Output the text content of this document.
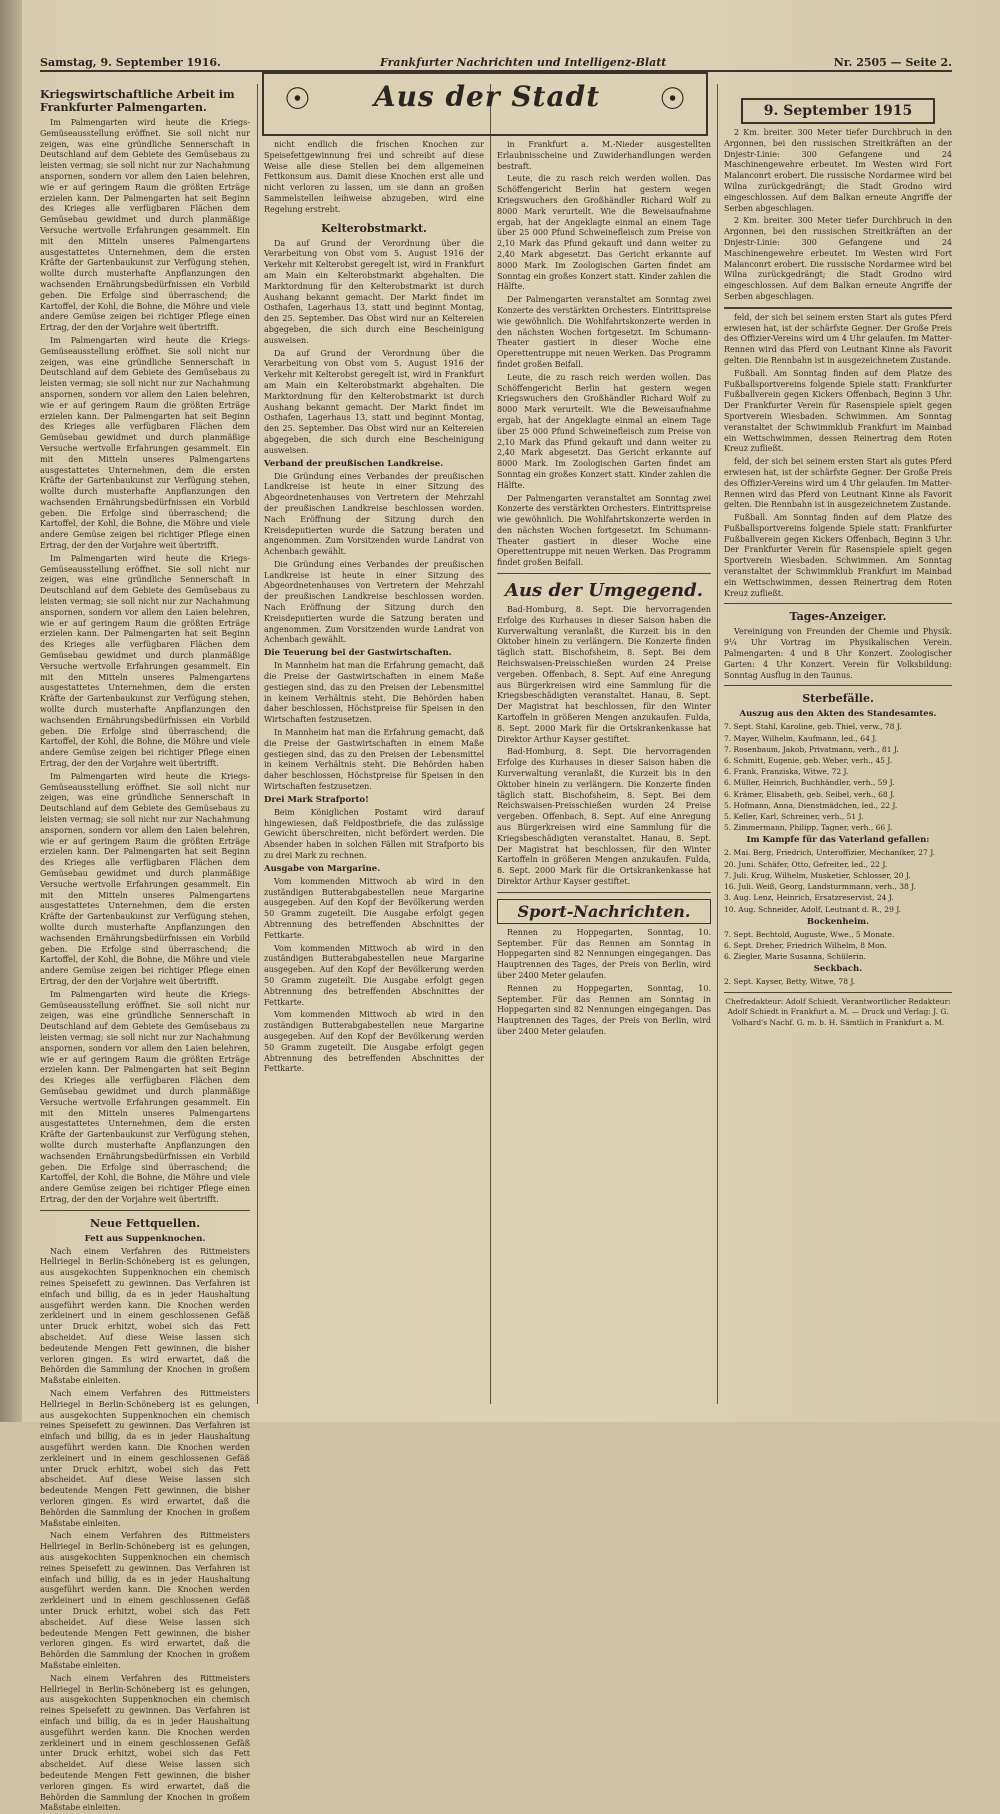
Samstag, 9. September 1916.	Frankfurter Nachrichten und Intelligenz-Blatt	Nr. 2505 — Seite 2.
☉	Aus der Stadt	☉
Kriegswirtschaftliche Arbeit im Frankfurter Palmengarten.

Im Palmengarten wird heute die Kriegs-Gemüseausstellung eröffnet. Sie soll nicht nur zeigen, was eine gründliche Sennerschaft in Deutschland auf dem Gebiete des Gemüsebaus zu leisten vermag; sie soll nicht nur zur Nachahmung anspornen, sondern vor allem den Laien belehren, wie er auf geringem Raum die größten Erträge erzielen kann. Der Palmengarten hat seit Beginn des Krieges alle verfügbaren Flächen dem Gemüsebau gewidmet und durch planmäßige Versuche wertvolle Erfahrungen gesammelt. Ein mit den Mitteln unseres Palmengartens ausgestattetes Unternehmen, dem die ersten Kräfte der Gartenbaukunst zur Verfügung stehen, wollte durch musterhafte Anpflanzungen den wachsenden Ernährungsbedürfnissen ein Vorbild geben. Die Erfolge sind überraschend; die Kartoffel, der Kohl, die Bohne, die Möhre und viele andere Gemüse zeigen bei richtiger Pflege einen Ertrag, der den der Vorjahre weit übertrifft.

Im Palmengarten wird heute die Kriegs-Gemüseausstellung eröffnet. Sie soll nicht nur zeigen, was eine gründliche Sennerschaft in Deutschland auf dem Gebiete des Gemüsebaus zu leisten vermag; sie soll nicht nur zur Nachahmung anspornen, sondern vor allem den Laien belehren, wie er auf geringem Raum die größten Erträge erzielen kann. Der Palmengarten hat seit Beginn des Krieges alle verfügbaren Flächen dem Gemüsebau gewidmet und durch planmäßige Versuche wertvolle Erfahrungen gesammelt. Ein mit den Mitteln unseres Palmengartens ausgestattetes Unternehmen, dem die ersten Kräfte der Gartenbaukunst zur Verfügung stehen, wollte durch musterhafte Anpflanzungen den wachsenden Ernährungsbedürfnissen ein Vorbild geben. Die Erfolge sind überraschend; die Kartoffel, der Kohl, die Bohne, die Möhre und viele andere Gemüse zeigen bei richtiger Pflege einen Ertrag, der den der Vorjahre weit übertrifft.

Im Palmengarten wird heute die Kriegs-Gemüseausstellung eröffnet. Sie soll nicht nur zeigen, was eine gründliche Sennerschaft in Deutschland auf dem Gebiete des Gemüsebaus zu leisten vermag; sie soll nicht nur zur Nachahmung anspornen, sondern vor allem den Laien belehren, wie er auf geringem Raum die größten Erträge erzielen kann. Der Palmengarten hat seit Beginn des Krieges alle verfügbaren Flächen dem Gemüsebau gewidmet und durch planmäßige Versuche wertvolle Erfahrungen gesammelt. Ein mit den Mitteln unseres Palmengartens ausgestattetes Unternehmen, dem die ersten Kräfte der Gartenbaukunst zur Verfügung stehen, wollte durch musterhafte Anpflanzungen den wachsenden Ernährungsbedürfnissen ein Vorbild geben. Die Erfolge sind überraschend; die Kartoffel, der Kohl, die Bohne, die Möhre und viele andere Gemüse zeigen bei richtiger Pflege einen Ertrag, der den der Vorjahre weit übertrifft.

Im Palmengarten wird heute die Kriegs-Gemüseausstellung eröffnet. Sie soll nicht nur zeigen, was eine gründliche Sennerschaft in Deutschland auf dem Gebiete des Gemüsebaus zu leisten vermag; sie soll nicht nur zur Nachahmung anspornen, sondern vor allem den Laien belehren, wie er auf geringem Raum die größten Erträge erzielen kann. Der Palmengarten hat seit Beginn des Krieges alle verfügbaren Flächen dem Gemüsebau gewidmet und durch planmäßige Versuche wertvolle Erfahrungen gesammelt. Ein mit den Mitteln unseres Palmengartens ausgestattetes Unternehmen, dem die ersten Kräfte der Gartenbaukunst zur Verfügung stehen, wollte durch musterhafte Anpflanzungen den wachsenden Ernährungsbedürfnissen ein Vorbild geben. Die Erfolge sind überraschend; die Kartoffel, der Kohl, die Bohne, die Möhre und viele andere Gemüse zeigen bei richtiger Pflege einen Ertrag, der den der Vorjahre weit übertrifft.

Im Palmengarten wird heute die Kriegs-Gemüseausstellung eröffnet. Sie soll nicht nur zeigen, was eine gründliche Sennerschaft in Deutschland auf dem Gebiete des Gemüsebaus zu leisten vermag; sie soll nicht nur zur Nachahmung anspornen, sondern vor allem den Laien belehren, wie er auf geringem Raum die größten Erträge erzielen kann. Der Palmengarten hat seit Beginn des Krieges alle verfügbaren Flächen dem Gemüsebau gewidmet und durch planmäßige Versuche wertvolle Erfahrungen gesammelt. Ein mit den Mitteln unseres Palmengartens ausgestattetes Unternehmen, dem die ersten Kräfte der Gartenbaukunst zur Verfügung stehen, wollte durch musterhafte Anpflanzungen den wachsenden Ernährungsbedürfnissen ein Vorbild geben. Die Erfolge sind überraschend; die Kartoffel, der Kohl, die Bohne, die Möhre und viele andere Gemüse zeigen bei richtiger Pflege einen Ertrag, der den der Vorjahre weit übertrifft.

Neue Fettquellen.
Fett aus Suppenknochen.

Nach einem Verfahren des Rittmeisters Hellriegel in Berlin-Schöneberg ist es gelungen, aus ausgekochten Suppenknochen ein chemisch reines Speisefett zu gewinnen. Das Verfahren ist einfach und billig, da es in jeder Haushaltung ausgeführt werden kann. Die Knochen werden zerkleinert und in einem geschlossenen Gefäß unter Druck erhitzt, wobei sich das Fett abscheidet. Auf diese Weise lassen sich bedeutende Mengen Fett gewinnen, die bisher verloren gingen. Es wird erwartet, daß die Behörden die Sammlung der Knochen in großem Maßstabe einleiten.

Nach einem Verfahren des Rittmeisters Hellriegel in Berlin-Schöneberg ist es gelungen, aus ausgekochten Suppenknochen ein chemisch reines Speisefett zu gewinnen. Das Verfahren ist einfach und billig, da es in jeder Haushaltung ausgeführt werden kann. Die Knochen werden zerkleinert und in einem geschlossenen Gefäß unter Druck erhitzt, wobei sich das Fett abscheidet. Auf diese Weise lassen sich bedeutende Mengen Fett gewinnen, die bisher verloren gingen. Es wird erwartet, daß die Behörden die Sammlung der Knochen in großem Maßstabe einleiten.

Nach einem Verfahren des Rittmeisters Hellriegel in Berlin-Schöneberg ist es gelungen, aus ausgekochten Suppenknochen ein chemisch reines Speisefett zu gewinnen. Das Verfahren ist einfach und billig, da es in jeder Haushaltung ausgeführt werden kann. Die Knochen werden zerkleinert und in einem geschlossenen Gefäß unter Druck erhitzt, wobei sich das Fett abscheidet. Auf diese Weise lassen sich bedeutende Mengen Fett gewinnen, die bisher verloren gingen. Es wird erwartet, daß die Behörden die Sammlung der Knochen in großem Maßstabe einleiten.

Nach einem Verfahren des Rittmeisters Hellriegel in Berlin-Schöneberg ist es gelungen, aus ausgekochten Suppenknochen ein chemisch reines Speisefett zu gewinnen. Das Verfahren ist einfach und billig, da es in jeder Haushaltung ausgeführt werden kann. Die Knochen werden zerkleinert und in einem geschlossenen Gefäß unter Druck erhitzt, wobei sich das Fett abscheidet. Auf diese Weise lassen sich bedeutende Mengen Fett gewinnen, die bisher verloren gingen. Es wird erwartet, daß die Behörden die Sammlung der Knochen in großem Maßstabe einleiten.

nicht endlich die frischen Knochen zur Speisefettgewinnung frei und schreibt auf diese Weise alle diese Stellen bei dem allgemeinen Fettkonsum aus. Damit diese Knochen erst alle und nicht verloren zu lassen, um sie dann an großen Sammelstellen leihweise abzugeben, wird eine Regelung erstrebt.

Kelterobstmarkt.

Da auf Grund der Verordnung über die Verarbeitung von Obst vom 5. August 1916 der Verkehr mit Kelterobst geregelt ist, wird in Frankfurt am Main ein Kelterobstmarkt abgehalten. Die Marktordnung für den Kelterobstmarkt ist durch Aushang bekannt gemacht. Der Markt findet im Osthafen, Lagerhaus 13, statt und beginnt Montag, den 25. September. Das Obst wird nur an Keltereien abgegeben, die sich durch eine Bescheinigung ausweisen.

Da auf Grund der Verordnung über die Verarbeitung von Obst vom 5. August 1916 der Verkehr mit Kelterobst geregelt ist, wird in Frankfurt am Main ein Kelterobstmarkt abgehalten. Die Marktordnung für den Kelterobstmarkt ist durch Aushang bekannt gemacht. Der Markt findet im Osthafen, Lagerhaus 13, statt und beginnt Montag, den 25. September. Das Obst wird nur an Keltereien abgegeben, die sich durch eine Bescheinigung ausweisen.

Verband der preußischen Landkreise.

Die Gründung eines Verbandes der preußischen Landkreise ist heute in einer Sitzung des Abgeordnetenhauses von Vertretern der Mehrzahl der preußischen Landkreise beschlossen worden. Nach Eröffnung der Sitzung durch den Kreisdeputierten wurde die Satzung beraten und angenommen. Zum Vorsitzenden wurde Landrat von Achenbach gewählt.

Die Gründung eines Verbandes der preußischen Landkreise ist heute in einer Sitzung des Abgeordnetenhauses von Vertretern der Mehrzahl der preußischen Landkreise beschlossen worden. Nach Eröffnung der Sitzung durch den Kreisdeputierten wurde die Satzung beraten und angenommen. Zum Vorsitzenden wurde Landrat von Achenbach gewählt.

Die Teuerung bei der Gastwirtschaften.

In Mannheim hat man die Erfahrung gemacht, daß die Preise der Gastwirtschaften in einem Maße gestiegen sind, das zu den Preisen der Lebensmittel in keinem Verhältnis steht. Die Behörden haben daher beschlossen, Höchstpreise für Speisen in den Wirtschaften festzusetzen.

In Mannheim hat man die Erfahrung gemacht, daß die Preise der Gastwirtschaften in einem Maße gestiegen sind, das zu den Preisen der Lebensmittel in keinem Verhältnis steht. Die Behörden haben daher beschlossen, Höchstpreise für Speisen in den Wirtschaften festzusetzen.

Drei Mark Strafporto!

Beim Königlichen Postamt wird darauf hingewiesen, daß Feldpostbriefe, die das zulässige Gewicht überschreiten, nicht befördert werden. Die Absender haben in solchen Fällen mit Strafporto bis zu drei Mark zu rechnen.

Ausgabe von Margarine.

Vom kommenden Mittwoch ab wird in den zuständigen Butterabgabestellen neue Margarine ausgegeben. Auf den Kopf der Bevölkerung werden 50 Gramm zugeteilt. Die Ausgabe erfolgt gegen Abtrennung des betreffenden Abschnittes der Fettkarte.

Vom kommenden Mittwoch ab wird in den zuständigen Butterabgabestellen neue Margarine ausgegeben. Auf den Kopf der Bevölkerung werden 50 Gramm zugeteilt. Die Ausgabe erfolgt gegen Abtrennung des betreffenden Abschnittes der Fettkarte.

Vom kommenden Mittwoch ab wird in den zuständigen Butterabgabestellen neue Margarine ausgegeben. Auf den Kopf der Bevölkerung werden 50 Gramm zugeteilt. Die Ausgabe erfolgt gegen Abtrennung des betreffenden Abschnittes der Fettkarte.

in Frankfurt a. M.-Nieder ausgestellten Erlaubnisscheine und Zuwiderhandlungen werden bestraft.

Leute, die zu rasch reich werden wollen. Das Schöffengericht Berlin hat gestern wegen Kriegswuchers den Großhändler Richard Wolf zu 8000 Mark verurteilt. Wie die Beweisaufnahme ergab, hat der Angeklagte einmal an einem Tage über 25 000 Pfund Schweinefleisch zum Preise von 2,10 Mark das Pfund gekauft und dann weiter zu 2,40 Mark abgesetzt. Das Gericht erkannte auf 8000 Mark. Im Zoologischen Garten findet am Sonntag ein großes Konzert statt. Kinder zahlen die Hälfte.

Der Palmengarten veranstaltet am Sonntag zwei Konzerte des verstärkten Orchesters. Eintrittspreise wie gewöhnlich. Die Wohlfahrtskonzerte werden in den nächsten Wochen fortgesetzt. Im Schumann-Theater gastiert in dieser Woche eine Operettentruppe mit neuen Werken. Das Programm findet großen Beifall.

Leute, die zu rasch reich werden wollen. Das Schöffengericht Berlin hat gestern wegen Kriegswuchers den Großhändler Richard Wolf zu 8000 Mark verurteilt. Wie die Beweisaufnahme ergab, hat der Angeklagte einmal an einem Tage über 25 000 Pfund Schweinefleisch zum Preise von 2,10 Mark das Pfund gekauft und dann weiter zu 2,40 Mark abgesetzt. Das Gericht erkannte auf 8000 Mark. Im Zoologischen Garten findet am Sonntag ein großes Konzert statt. Kinder zahlen die Hälfte.

Der Palmengarten veranstaltet am Sonntag zwei Konzerte des verstärkten Orchesters. Eintrittspreise wie gewöhnlich. Die Wohlfahrtskonzerte werden in den nächsten Wochen fortgesetzt. Im Schumann-Theater gastiert in dieser Woche eine Operettentruppe mit neuen Werken. Das Programm findet großen Beifall.

Aus der Umgegend.

Bad-Homburg, 8. Sept. Die hervorragenden Erfolge des Kurhauses in dieser Saison haben die Kurverwaltung veranlaßt, die Kurzeit bis in den Oktober hinein zu verlängern. Die Konzerte finden täglich statt. Bischofsheim, 8. Sept. Bei dem Reichswaisen-Preisschießen wurden 24 Preise vergeben. Offenbach, 8. Sept. Auf eine Anregung aus Bürgerkreisen wird eine Sammlung für die Kriegsbeschädigten veranstaltet. Hanau, 8. Sept. Der Magistrat hat beschlossen, für den Winter Kartoffeln in größeren Mengen anzukaufen. Fulda, 8. Sept. 2000 Mark für die Ortskrankenkasse hat Direktor Arthur Kayser gestiftet.

Bad-Homburg, 8. Sept. Die hervorragenden Erfolge des Kurhauses in dieser Saison haben die Kurverwaltung veranlaßt, die Kurzeit bis in den Oktober hinein zu verlängern. Die Konzerte finden täglich statt. Bischofsheim, 8. Sept. Bei dem Reichswaisen-Preisschießen wurden 24 Preise vergeben. Offenbach, 8. Sept. Auf eine Anregung aus Bürgerkreisen wird eine Sammlung für die Kriegsbeschädigten veranstaltet. Hanau, 8. Sept. Der Magistrat hat beschlossen, für den Winter Kartoffeln in größeren Mengen anzukaufen. Fulda, 8. Sept. 2000 Mark für die Ortskrankenkasse hat Direktor Arthur Kayser gestiftet.

Sport-Nachrichten.

Rennen zu Hoppegarten, Sonntag, 10. September. Für das Rennen am Sonntag in Hoppegarten sind 82 Nennungen eingegangen. Das Hauptrennen des Tages, der Preis von Berlin, wird über 2400 Meter gelaufen.

Rennen zu Hoppegarten, Sonntag, 10. September. Für das Rennen am Sonntag in Hoppegarten sind 82 Nennungen eingegangen. Das Hauptrennen des Tages, der Preis von Berlin, wird über 2400 Meter gelaufen.

9. September 1915

2 Km. breiter. 300 Meter tiefer Durchbruch in den Argonnen, bei den russischen Streitkräften an der Dnjestr-Linie: 300 Gefangene und 24 Maschinengewehre erbeutet. Im Westen wird Fort Malanconrt erobert. Die russische Nordarmee wird bei Wilna zurückgedrängt; die Stadt Grodno wird eingeschlossen. Auf dem Balkan erneute Angriffe der Serben abgeschlagen.

2 Km. breiter. 300 Meter tiefer Durchbruch in den Argonnen, bei den russischen Streitkräften an der Dnjestr-Linie: 300 Gefangene und 24 Maschinengewehre erbeutet. Im Westen wird Fort Malanconrt erobert. Die russische Nordarmee wird bei Wilna zurückgedrängt; die Stadt Grodno wird eingeschlossen. Auf dem Balkan erneute Angriffe der Serben abgeschlagen.

feld, der sich bei seinem ersten Start als gutes Pferd erwiesen hat, ist der schärfste Gegner. Der Große Preis des Offizier-Vereins wird um 4 Uhr gelaufen. Im Matter-Rennen wird das Pferd von Leutnant Kinne als Favorit gelten. Die Rennbahn ist in ausgezeichnetem Zustande.

Fußball. Am Sonntag finden auf dem Platze des Fußballsportvereins folgende Spiele statt: Frankfurter Fußballverein gegen Kickers Offenbach, Beginn 3 Uhr. Der Frankfurter Verein für Rasenspiele spielt gegen Sportverein Wiesbaden. Schwimmen. Am Sonntag veranstaltet der Schwimmklub Frankfurt im Mainbad ein Wettschwimmen, dessen Reinertrag dem Roten Kreuz zufließt.

feld, der sich bei seinem ersten Start als gutes Pferd erwiesen hat, ist der schärfste Gegner. Der Große Preis des Offizier-Vereins wird um 4 Uhr gelaufen. Im Matter-Rennen wird das Pferd von Leutnant Kinne als Favorit gelten. Die Rennbahn ist in ausgezeichnetem Zustande.

Fußball. Am Sonntag finden auf dem Platze des Fußballsportvereins folgende Spiele statt: Frankfurter Fußballverein gegen Kickers Offenbach, Beginn 3 Uhr. Der Frankfurter Verein für Rasenspiele spielt gegen Sportverein Wiesbaden. Schwimmen. Am Sonntag veranstaltet der Schwimmklub Frankfurt im Mainbad ein Wettschwimmen, dessen Reinertrag dem Roten Kreuz zufließt.

Tages-Anzeiger.

Vereinigung von Freunden der Chemie und Physik. 9¼ Uhr Vortrag im Physikalischen Verein. Palmengarten: 4 und 8 Uhr Konzert. Zoologischer Garten: 4 Uhr Konzert. Verein für Volksbildung: Sonntag Ausflug in den Taunus.

Sterbefälle.
Auszug aus den Akten des Standesamtes.
7. Sept. Stahl, Karoline, geb. Thiel, verw., 78 J.
7. Mayer, Wilhelm, Kaufmann, led., 64 J.
7. Rosenbaum, Jakob, Privatmann, verh., 81 J.
6. Schmitt, Eugenie, geb. Weber, verh., 45 J.
6. Frank, Franziska, Witwe, 72 J.
6. Müller, Heinrich, Buchhändler, verh., 59 J.
6. Krämer, Elisabeth, geb. Seibel, verh., 68 J.
5. Hofmann, Anna, Dienstmädchen, led., 22 J.
5. Keller, Karl, Schreiner, verh., 51 J.
5. Zimmermann, Philipp, Tagner, verh., 66 J.
Im Kampfe für das Vaterland gefallen:
2. Mai. Berg, Friedrich, Unteroffizier, Mechaniker, 27 J.
20. Juni. Schäfer, Otto, Gefreiter, led., 22 J.
7. Juli. Krug, Wilhelm, Musketier, Schlosser, 20 J.
16. Juli. Weiß, Georg, Landsturmmann, verh., 38 J.
3. Aug. Lenz, Heinrich, Ersatzreservist, 24 J.
10. Aug. Schneider, Adolf, Leutnant d. R., 29 J.
Bockenheim.
7. Sept. Bechtold, Auguste, Wwe., 5 Monate.
6. Sept. Dreher, Friedrich Wilhelm, 8 Mon.
6. Ziegler, Marie Susanna, Schülerin.
Seckbach.
2. Sept. Kayser, Betty, Witwe, 78 J.
Chefredakteur: Adolf Schiedt. Verantwortlicher Redakteur: Adolf Schiedt in Frankfurt a. M. — Druck und Verlag: J. G. Volhard's Nachf. G. m. b. H. Sämtlich in Frankfurt a. M.
